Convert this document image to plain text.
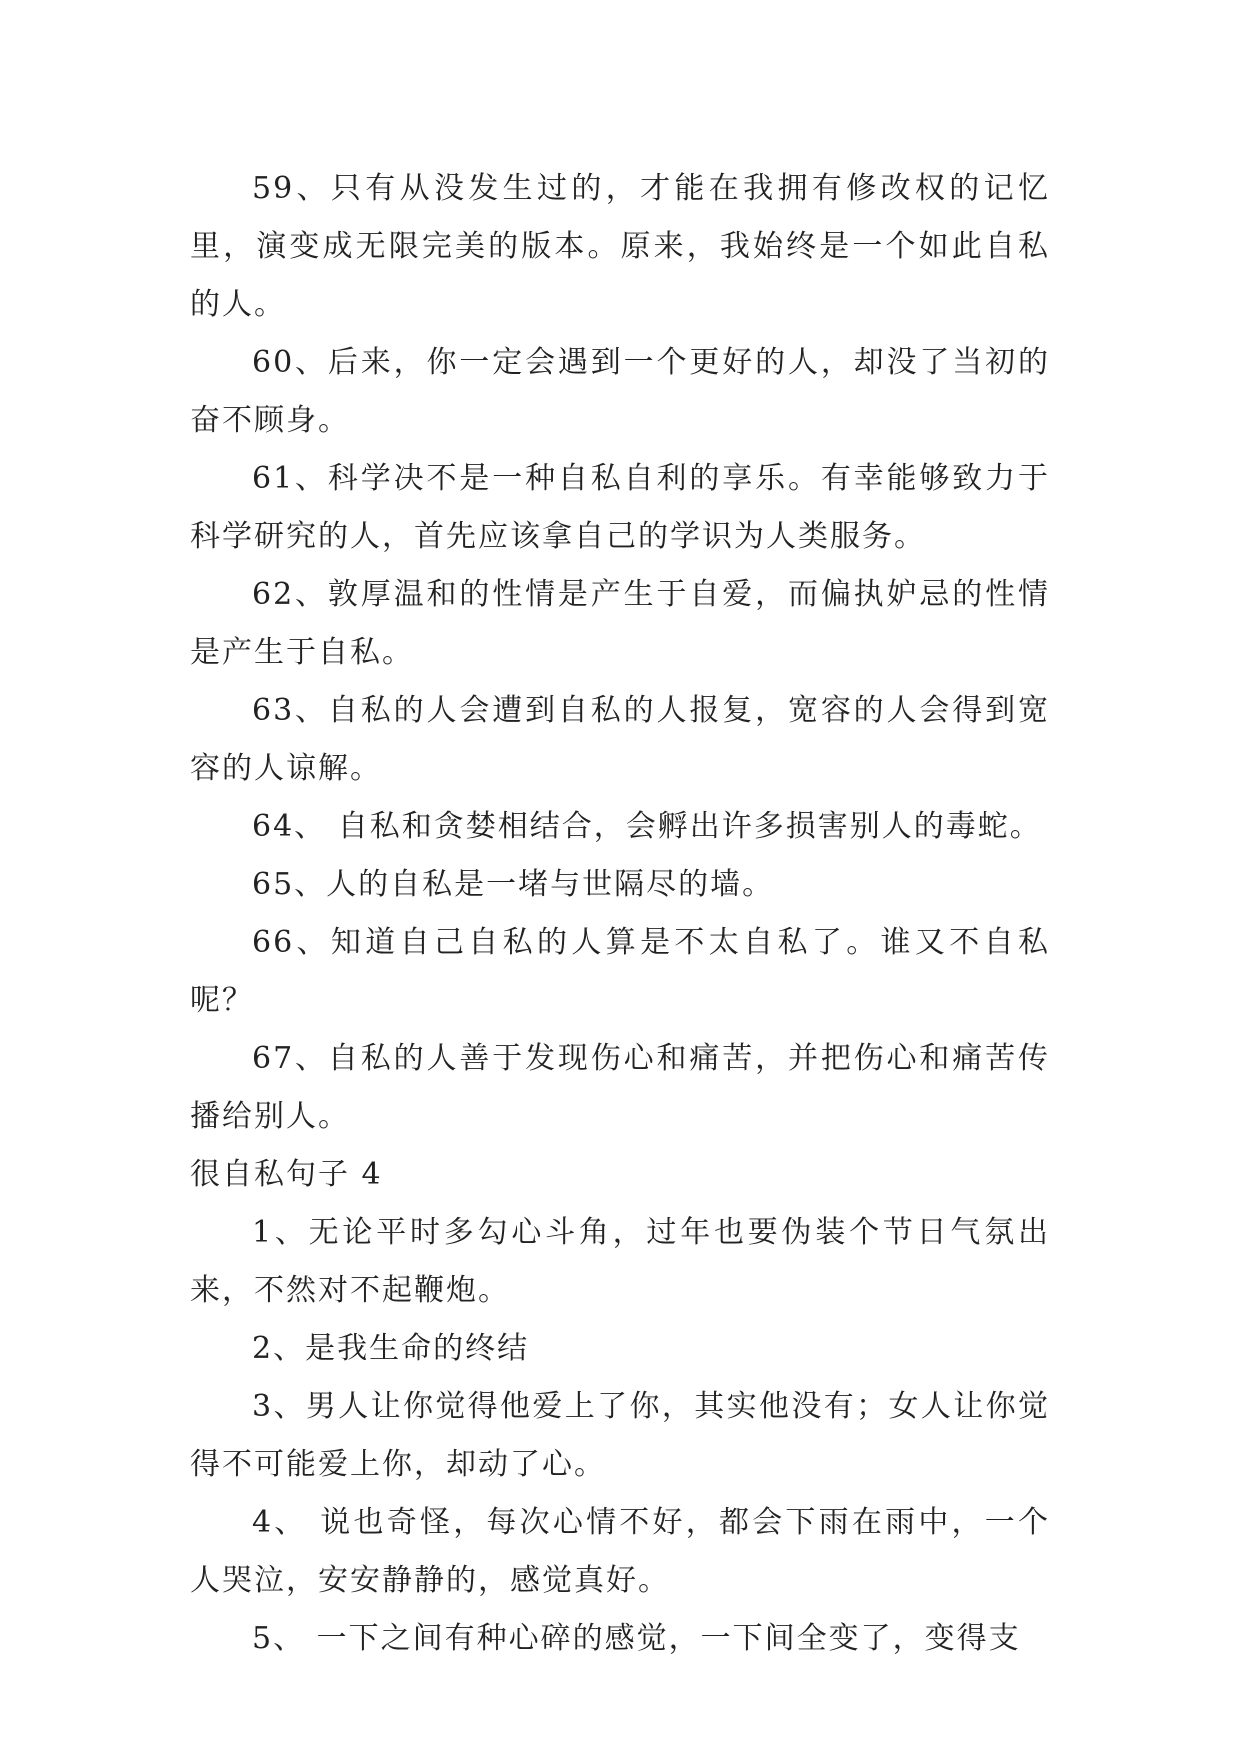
59、只有从没发生过的，才能在我拥有修改权的记忆里，演变成无限完美的版本。原来，我始终是一个如此自私的人。

60、后来，你一定会遇到一个更好的人，却没了当初的奋不顾身。

61、科学决不是一种自私自利的享乐。有幸能够致力于科学研究的人，首先应该拿自己的学识为人类服务。

62、敦厚温和的性情是产生于自爱，而偏执妒忌的性情是产生于自私。

63、自私的人会遭到自私的人报复，宽容的人会得到宽容的人谅解。

64、 自私和贪婪相结合，会孵出许多损害别人的毒蛇。

65、人的自私是一堵与世隔尽的墙。

66、知道自己自私的人算是不太自私了。谁又不自私呢？

67、自私的人善于发现伤心和痛苦，并把伤心和痛苦传播给别人。

很自私句子 4

1、无论平时多勾心斗角，过年也要伪装个节日气氛出来，不然对不起鞭炮。

2、是我生命的终结

3、男人让你觉得他爱上了你，其实他没有；女人让你觉得不可能爱上你，却动了心。

4、 说也奇怪，每次心情不好，都会下雨在雨中，一个人哭泣，安安静静的，感觉真好。

5、 一下之间有种心碎的感觉，一下间全变了，变得支
